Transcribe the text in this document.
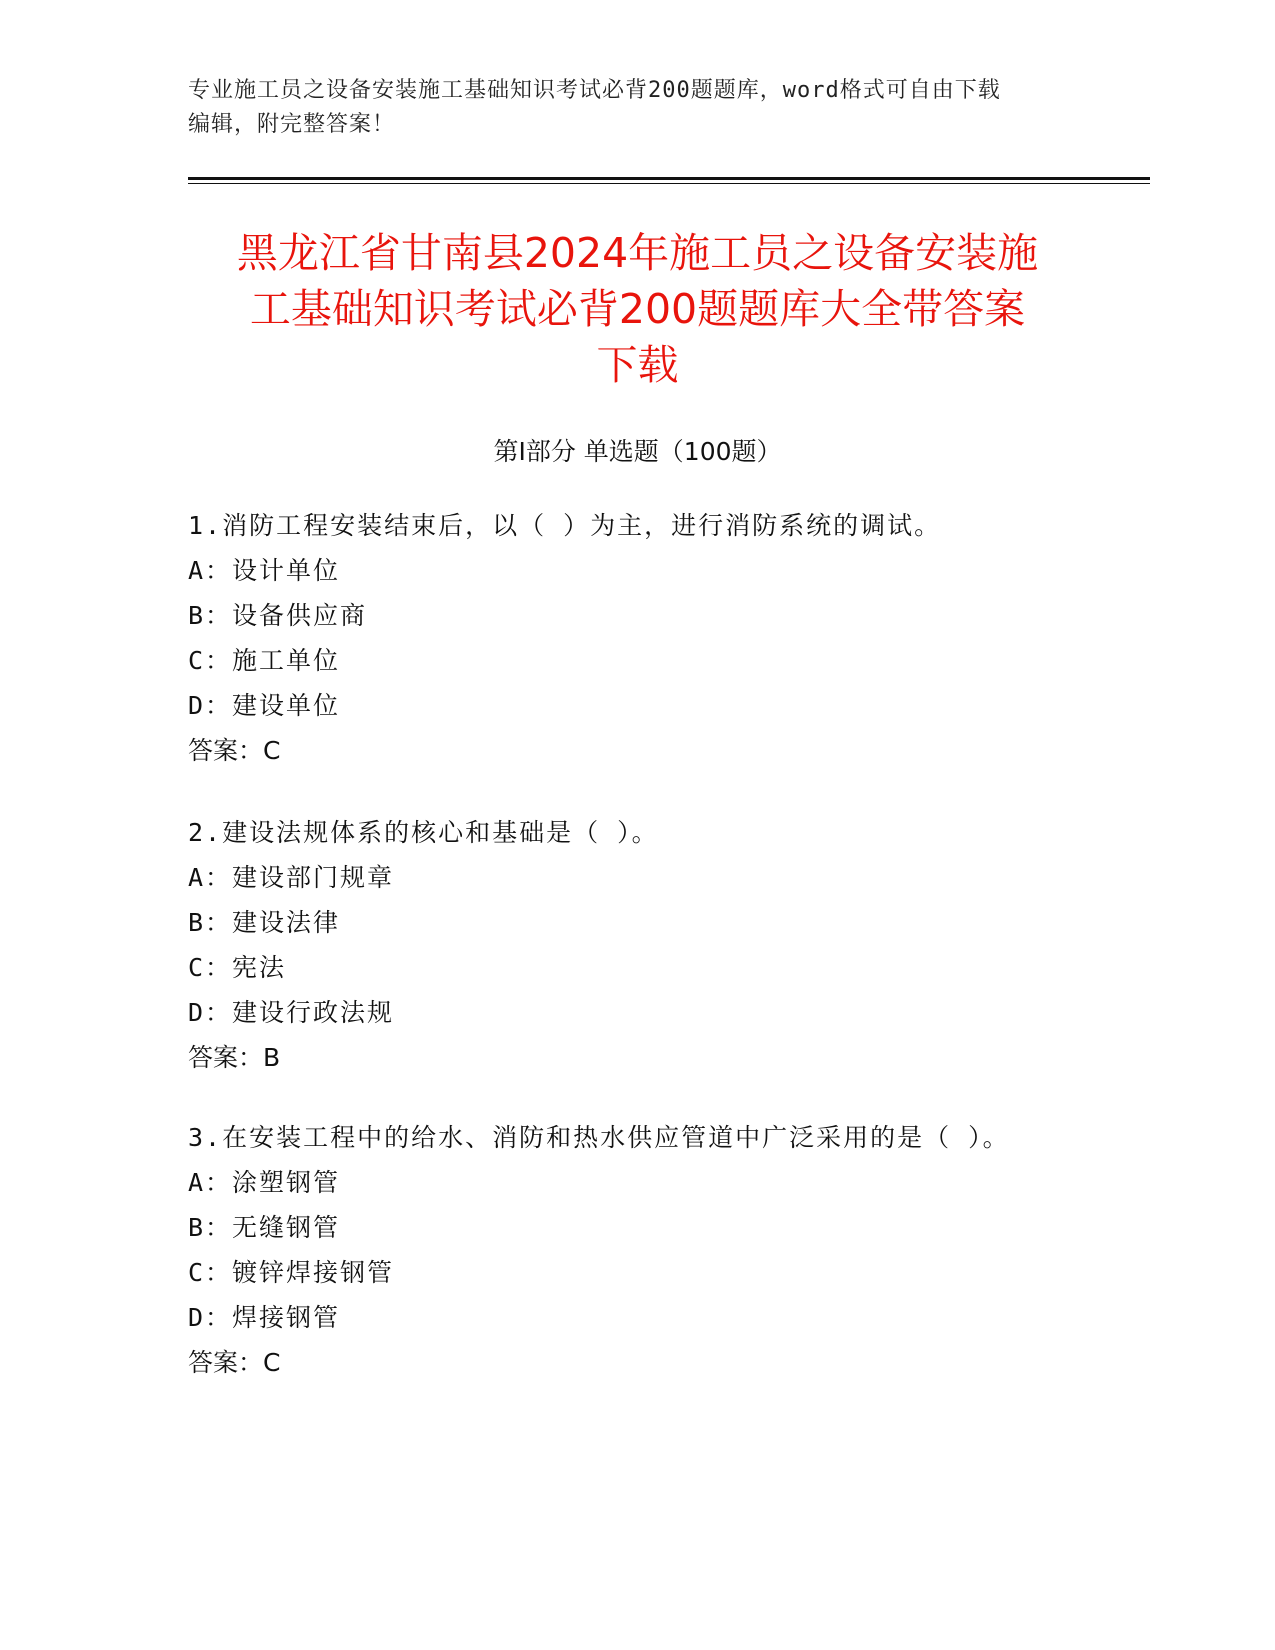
专业施工员之设备安装施工基础知识考试必背200题题库，word格式可自由下载
编辑，附完整答案！
黑龙江省甘南县2024年施工员之设备安装施
工基础知识考试必背200题题库大全带答案
下载
第Ⅰ部分 单选题（100题）
1.消防工程安装结束后，以（ ）为主，进行消防系统的调试。
A：设计单位
B：设备供应商
C：施工单位
D：建设单位
答案：C
2.建设法规体系的核心和基础是（ ）。
A：建设部门规章
B：建设法律
C：宪法
D：建设行政法规
答案：B
3.在安装工程中的给水、消防和热水供应管道中广泛采用的是（ ）。
A：涂塑钢管
B：无缝钢管
C：镀锌焊接钢管
D：焊接钢管
答案：C
